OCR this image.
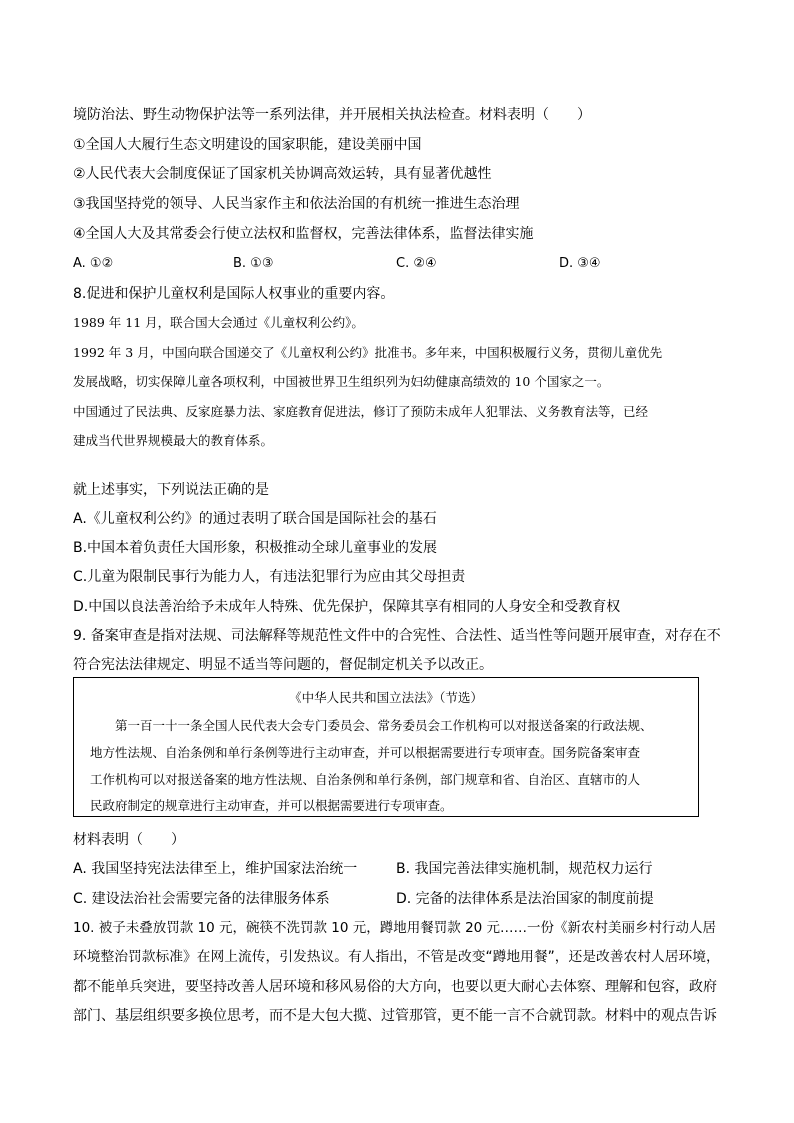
境防治法、野生动物保护法等一系列法律，并开展相关执法检查。材料表明（　　）
①全国人大履行生态文明建设的国家职能，建设美丽中国
②人民代表大会制度保证了国家机关协调高效运转，具有显著优越性
③我国坚持党的领导、人民当家作主和依法治国的有机统一推进生态治理
④全国人大及其常委会行使立法权和监督权，完善法律体系，监督法律实施
A. ①②	B. ①③	C. ②④	D. ③④
8.促进和保护儿童权利是国际人权事业的重要内容。
1989 年 11 月，联合国大会通过《儿童权利公约》。
1992 年 3 月，中国向联合国递交了《儿童权利公约》批准书。多年来，中国积极履行义务，贯彻儿童优先
发展战略，切实保障儿童各项权利，中国被世界卫生组织列为妇幼健康高绩效的 10 个国家之一。
中国通过了民法典、反家庭暴力法、家庭教育促进法，修订了预防未成年人犯罪法、义务教育法等，已经
建成当代世界规模最大的教育体系。
就上述事实，下列说法正确的是
A.《儿童权利公约》的通过表明了联合国是国际社会的基石
B.中国本着负责任大国形象，积极推动全球儿童事业的发展
C.儿童为限制民事行为能力人，有违法犯罪行为应由其父母担责
D.中国以良法善治给予未成年人特殊、优先保护，保障其享有相同的人身安全和受教育权
9. 备案审查是指对法规、司法解释等规范性文件中的合宪性、合法性、适当性等问题开展审查，对存在不
符合宪法法律规定、明显不适当等问题的，督促制定机关予以改正。
《中华人民共和国立法法》（节选）
　　第一百一十一条全国人民代表大会专门委员会、常务委员会工作机构可以对报送备案的行政法规、
地方性法规、自治条例和单行条例等进行主动审查，并可以根据需要进行专项审查。国务院备案审查
工作机构可以对报送备案的地方性法规、自治条例和单行条例，部门规章和省、自治区、直辖市的人
民政府制定的规章进行主动审查，并可以根据需要进行专项审查。
材料表明（　　）
A. 我国坚持宪法法律至上，维护国家法治统一	B. 我国完善法律实施机制，规范权力运行
C. 建设法治社会需要完备的法律服务体系	D. 完备的法律体系是法治国家的制度前提
10. 被子未叠放罚款 10 元，碗筷不洗罚款 10 元，蹲地用餐罚款 20 元……一份《新农村美丽乡村行动人居
环境整治罚款标准》在网上流传，引发热议。有人指出，不管是改变“蹲地用餐”，还是改善农村人居环境，
都不能单兵突进，要坚持改善人居环境和移风易俗的大方向，也要以更大耐心去体察、理解和包容，政府
部门、基层组织要多换位思考，而不是大包大揽、过管那管，更不能一言不合就罚款。材料中的观点告诉
